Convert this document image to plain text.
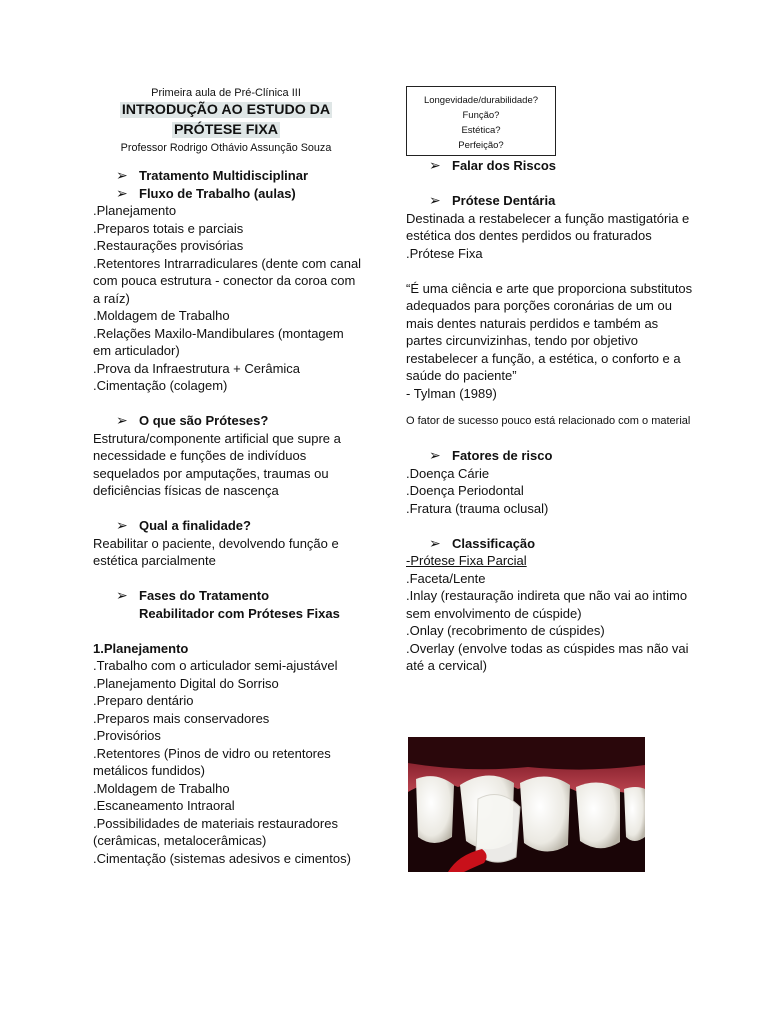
Primeira aula de Pré-Clínica III
INTRODUÇÃO AO ESTUDO DA
PRÓTESE FIXA
Professor Rodrigo Othávio Assunção Souza
➢ Tratamento Multidisciplinar
➢ Fluxo de Trabalho (aulas)
.Planejamento
.Preparos totais e parciais
.Restaurações provisórias
.Retentores Intrarradiculares (dente com canal com pouca estrutura - conector da coroa com a raíz)
.Moldagem de Trabalho
.Relações Maxilo-Mandibulares (montagem em articulador)
.Prova da Infraestrutura + Cerâmica
.Cimentação (colagem)
➢ O que são Próteses?
Estrutura/componente artificial que supre a necessidade e funções de indivíduos sequelados por amputações, traumas ou deficiências físicas de nascença
➢ Qual a finalidade?
Reabilitar o paciente, devolvendo função e estética parcialmente
➢ Fases do Tratamento
Reabilitador com Próteses Fixas
1.Planejamento
.Trabalho com o articulador semi-ajustável
.Planejamento Digital do Sorriso
.Preparo dentário
.Preparos mais conservadores
.Provisórios
.Retentores (Pinos de vidro ou retentores metálicos fundidos)
.Moldagem de Trabalho
.Escaneamento Intraoral
.Possibilidades de materiais restauradores (cerâmicas, metalocerâmicas)
.Cimentação (sistemas adesivos e cimentos)
Longevidade/durabilidade?
Função?
Estética?
Perfeição?
➢ Falar dos Riscos
➢ Prótese Dentária
Destinada a restabelecer a função mastigatória e estética dos dentes perdidos ou fraturados
.Prótese Fixa
“É uma ciência e arte que proporciona substitutos adequados para porções coronárias de um ou mais dentes naturais perdidos e também as partes circunvizinhas, tendo por objetivo restabelecer a função, a estética, o conforto e a saúde do paciente”
- Tylman (1989)
O fator de sucesso pouco está relacionado com o material
➢ Fatores de risco
.Doença Cárie
.Doença Periodontal
.Fratura (trauma oclusal)
➢ Classificação
-Prótese Fixa Parcial
.Faceta/Lente
.Inlay (restauração indireta que não vai ao intimo sem envolvimento de cúspide)
.Onlay (recobrimento de cúspides)
.Overlay (envolve todas as cúspides mas não vai até a cervical)
